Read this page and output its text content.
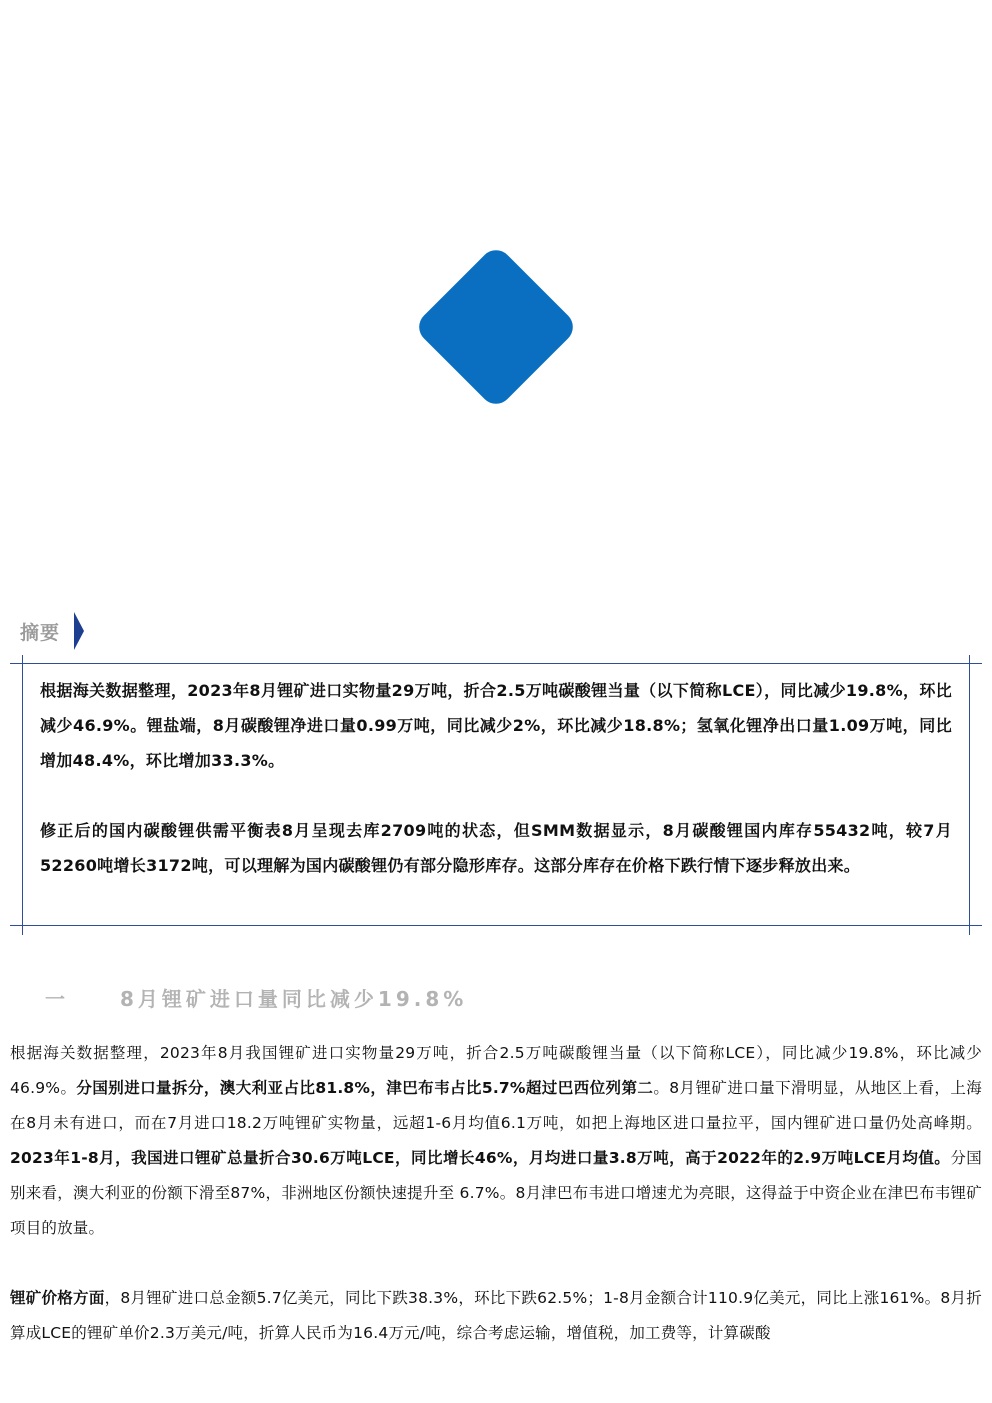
摘要

根据海关数据整理，2023年8月锂矿进口实物量29万吨，折合2.5万吨碳酸锂当量（以下简称LCE），同比减少19.8%，环比减少46.9%。锂盐端，8月碳酸锂净进口量0.99万吨，同比减少2%，环比减少18.8%；氢氧化锂净出口量1.09万吨，同比增加48.4%，环比增加33.3%。

修正后的国内碳酸锂供需平衡表8月呈现去库2709吨的状态，但SMM数据显示，8月碳酸锂国内库存55432吨，较7月52260吨增长3172吨，可以理解为国内碳酸锂仍有部分隐形库存。这部分库存在价格下跌行情下逐步释放出来。

一	8月锂矿进口量同比减少19.8%

根据海关数据整理，2023年8月我国锂矿进口实物量29万吨，折合2.5万吨碳酸锂当量（以下简称LCE），同比减少19.8%，环比减少46.9%。分国别进口量拆分，澳大利亚占比81.8%，津巴布韦占比5.7%超过巴西位列第二。8月锂矿进口量下滑明显，从地区上看，上海在8月未有进口，而在7月进口18.2万吨锂矿实物量，远超1-6月均值6.1万吨，如把上海地区进口量拉平，国内锂矿进口量仍处高峰期。2023年1-8月，我国进口锂矿总量折合30.6万吨LCE，同比增长46%，月均进口量3.8万吨，高于2022年的2.9万吨LCE月均值。分国别来看，澳大利亚的份额下滑至87%，非洲地区份额快速提升至 6.7%。8月津巴布韦进口增速尤为亮眼，这得益于中资企业在津巴布韦锂矿项目的放量。

锂矿价格方面，8月锂矿进口总金额5.7亿美元，同比下跌38.3%，环比下跌62.5%；1-8月金额合计110.9亿美元，同比上涨161%。8月折算成LCE的锂矿单价2.3万美元/吨，折算人民币为16.4万元/吨，综合考虑运输，增值税，加工费等，计算碳酸
